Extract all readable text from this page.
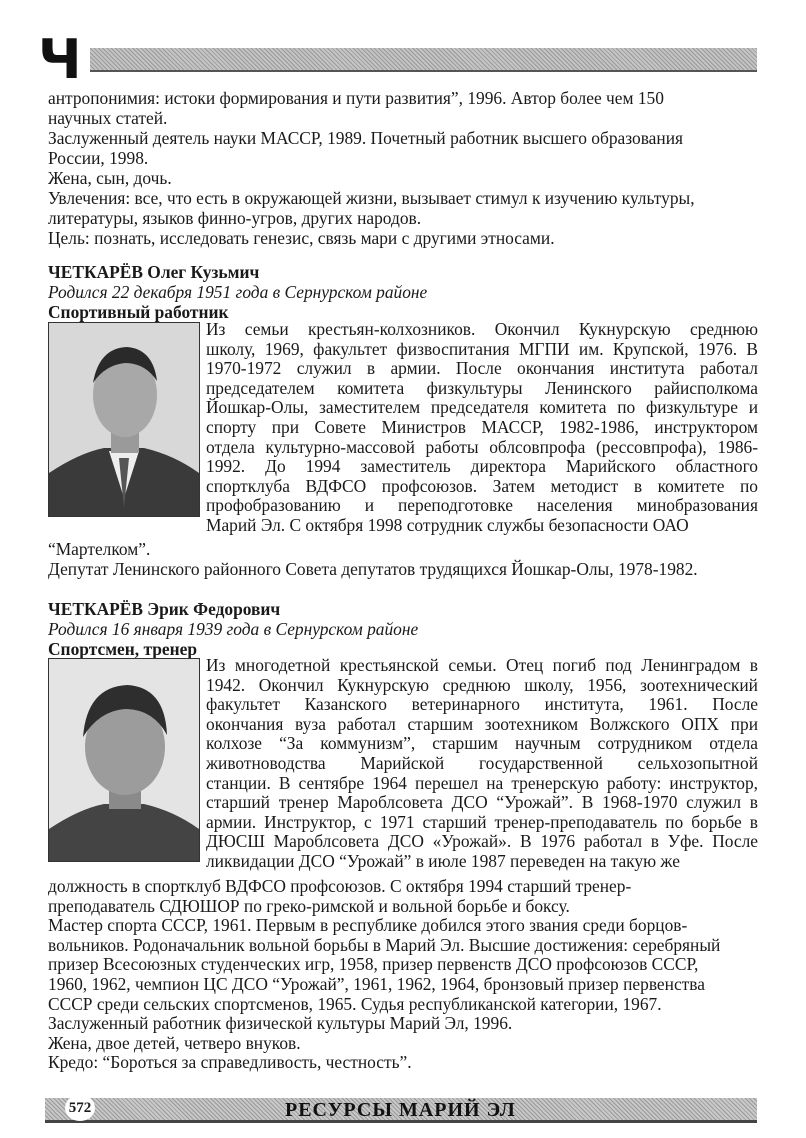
Ч
антропонимия: истоки формирования и пути развития”, 1996. Автор более чем 150
научных статей.
Заслуженный деятель науки МАССР, 1989. Почетный работник высшего образования
России, 1998.
Жена, сын, дочь.
Увлечения: все, что есть в окружающей жизни, вызывает стимул к изучению культуры,
литературы, языков финно-угров, других народов.
Цель: познать, исследовать генезис, связь мари с другими этносами.
ЧЕТКАРЁВ Олег Кузьмич
Родился 22 декабря 1951 года в Сернурском районе
Спортивный работник
Из семьи крестьян-колхозников. Окончил Кукнурскую среднюю
школу, 1969, факультет физвоспитания МГПИ им. Крупской, 1976. В
1970-1972 служил в армии. После окончания института работал
председателем комитета физкультуры Ленинского райисполкома
Йошкар-Олы, заместителем председателя комитета по физкультуре и
спорту при Совете Министров МАССР, 1982-1986, инструктором
отдела культурно-массовой работы облсовпрофа (рессовпрофа), 1986-
1992. До 1994 заместитель директора Марийского областного
спортклуба ВДФСО профсоюзов. Затем методист в комитете по
профобразованию и переподготовке населения минобразования
Марий Эл. С октября 1998 сотрудник службы безопасности ОАО
“Мартелком”.
Депутат Ленинского районного Совета депутатов трудящихся Йошкар-Олы, 1978-1982.
ЧЕТКАРЁВ Эрик Федорович
Родился 16 января 1939 года в Сернурском районе
Спортсмен, тренер
Из многодетной крестьянской семьи. Отец погиб под Ленинградом в
1942. Окончил Кукнурскую среднюю школу, 1956, зоотехнический
факультет Казанского ветеринарного института, 1961. После
окончания вуза работал старшим зоотехником Волжского ОПХ при
колхозе “За коммунизм”, старшим научным сотрудником отдела
животноводства Марийской государственной сельхозопытной
станции. В сентябре 1964 перешел на тренерскую работу: инструктор,
старший тренер Мароблсовета ДСО “Урожай”. В 1968-1970 служил в
армии. Инструктор, с 1971 старший тренер-преподаватель по борьбе в
ДЮСШ Мароблсовета ДСО «Урожай». В 1976 работал в Уфе. После
ликвидации ДСО “Урожай” в июле 1987 переведен на такую же
должность в спортклуб ВДФСО профсоюзов. С октября 1994 старший тренер-
преподаватель СДЮШОР по греко-римской и вольной борьбе и боксу.
Мастер спорта СССР, 1961. Первым в республике добился этого звания среди борцов-
вольников. Родоначальник вольной борьбы в Марий Эл. Высшие достижения: серебряный
призер Всесоюзных студенческих игр, 1958, призер первенств ДСО профсоюзов СССР,
1960, 1962, чемпион ЦС ДСО “Урожай”, 1961, 1962, 1964, бронзовый призер первенства
СССР среди сельских спортсменов, 1965. Судья республиканской категории, 1967.
Заслуженный работник физической культуры Марий Эл, 1996.
Жена, двое детей, четверо внуков.
Кредо: “Бороться за справедливость, честность”.
572	РЕСУРСЫ МАРИЙ ЭЛ
